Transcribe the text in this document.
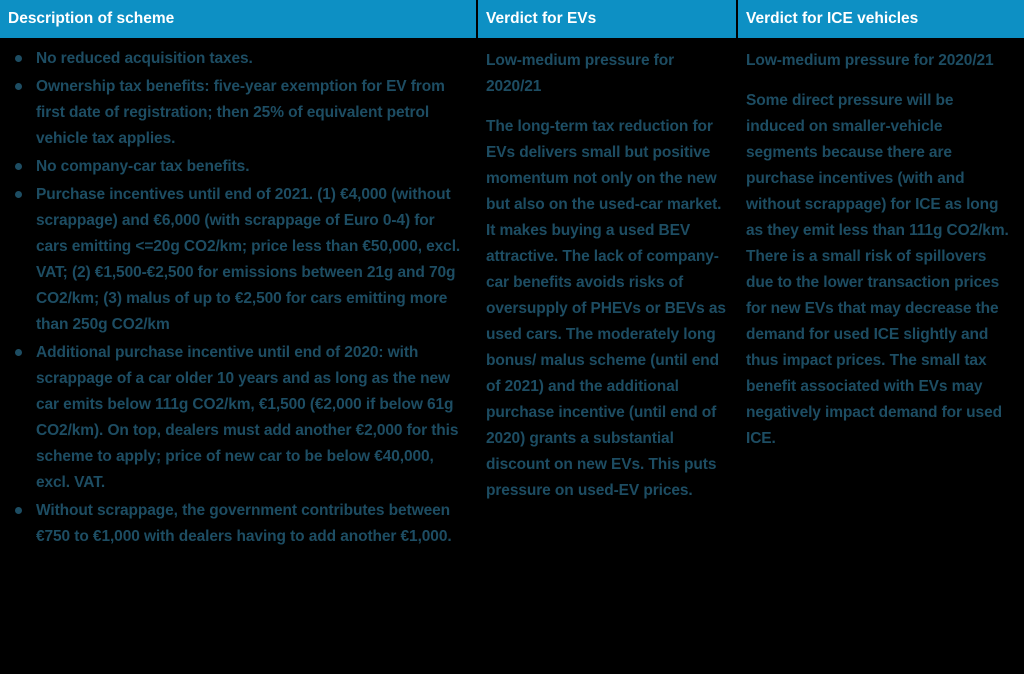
Description of scheme	Verdict for EVs	Verdict for ICE vehicles
No reduced acquisition taxes.
Ownership tax benefits: five-year exemption for EV from first date of registration; then 25% of equivalent petrol vehicle tax applies.
No company-car tax benefits.
Purchase incentives until end of 2021. (1) €4,000 (without scrappage) and €6,000 (with scrappage of Euro 0-4) for cars emitting <=20g CO2/km; price less than €50,000, excl. VAT; (2) €1,500-€2,500 for emissions between 21g and 70g CO2/km; (3) malus of up to €2,500 for cars emitting more than 250g CO2/km
Additional purchase incentive until end of 2020: with scrappage of a car older 10 years and as long as the new car emits below 111g CO2/km, €1,500 (€2,000 if below 61g CO2/km). On top, dealers must add another €2,000 for this scheme to apply; price of new car to be below €40,000, excl. VAT.
Without scrappage, the government contributes between €750 to €1,000 with dealers having to add another €1,000.

Low-medium pressure for 2020/21

The long-term tax reduction for EVs delivers small but positive momentum not only on the new but also on the used-car market. It makes buying a used BEV attractive. The lack of company-car benefits avoids risks of oversupply of PHEVs or BEVs as used cars. The moderately long bonus/ malus scheme (until end of 2021) and the additional purchase incentive (until end of 2020) grants a substantial discount on new EVs. This puts pressure on used-EV prices.

Low-medium pressure for 2020/21

Some direct pressure will be induced on smaller-vehicle segments because there are purchase incentives (with and without scrappage) for ICE as long as they emit less than 111g CO2/km. There is a small risk of spillovers due to the lower transaction prices for new EVs that may decrease the demand for used ICE slightly and thus impact prices. The small tax benefit associated with EVs may negatively impact demand for used ICE.
